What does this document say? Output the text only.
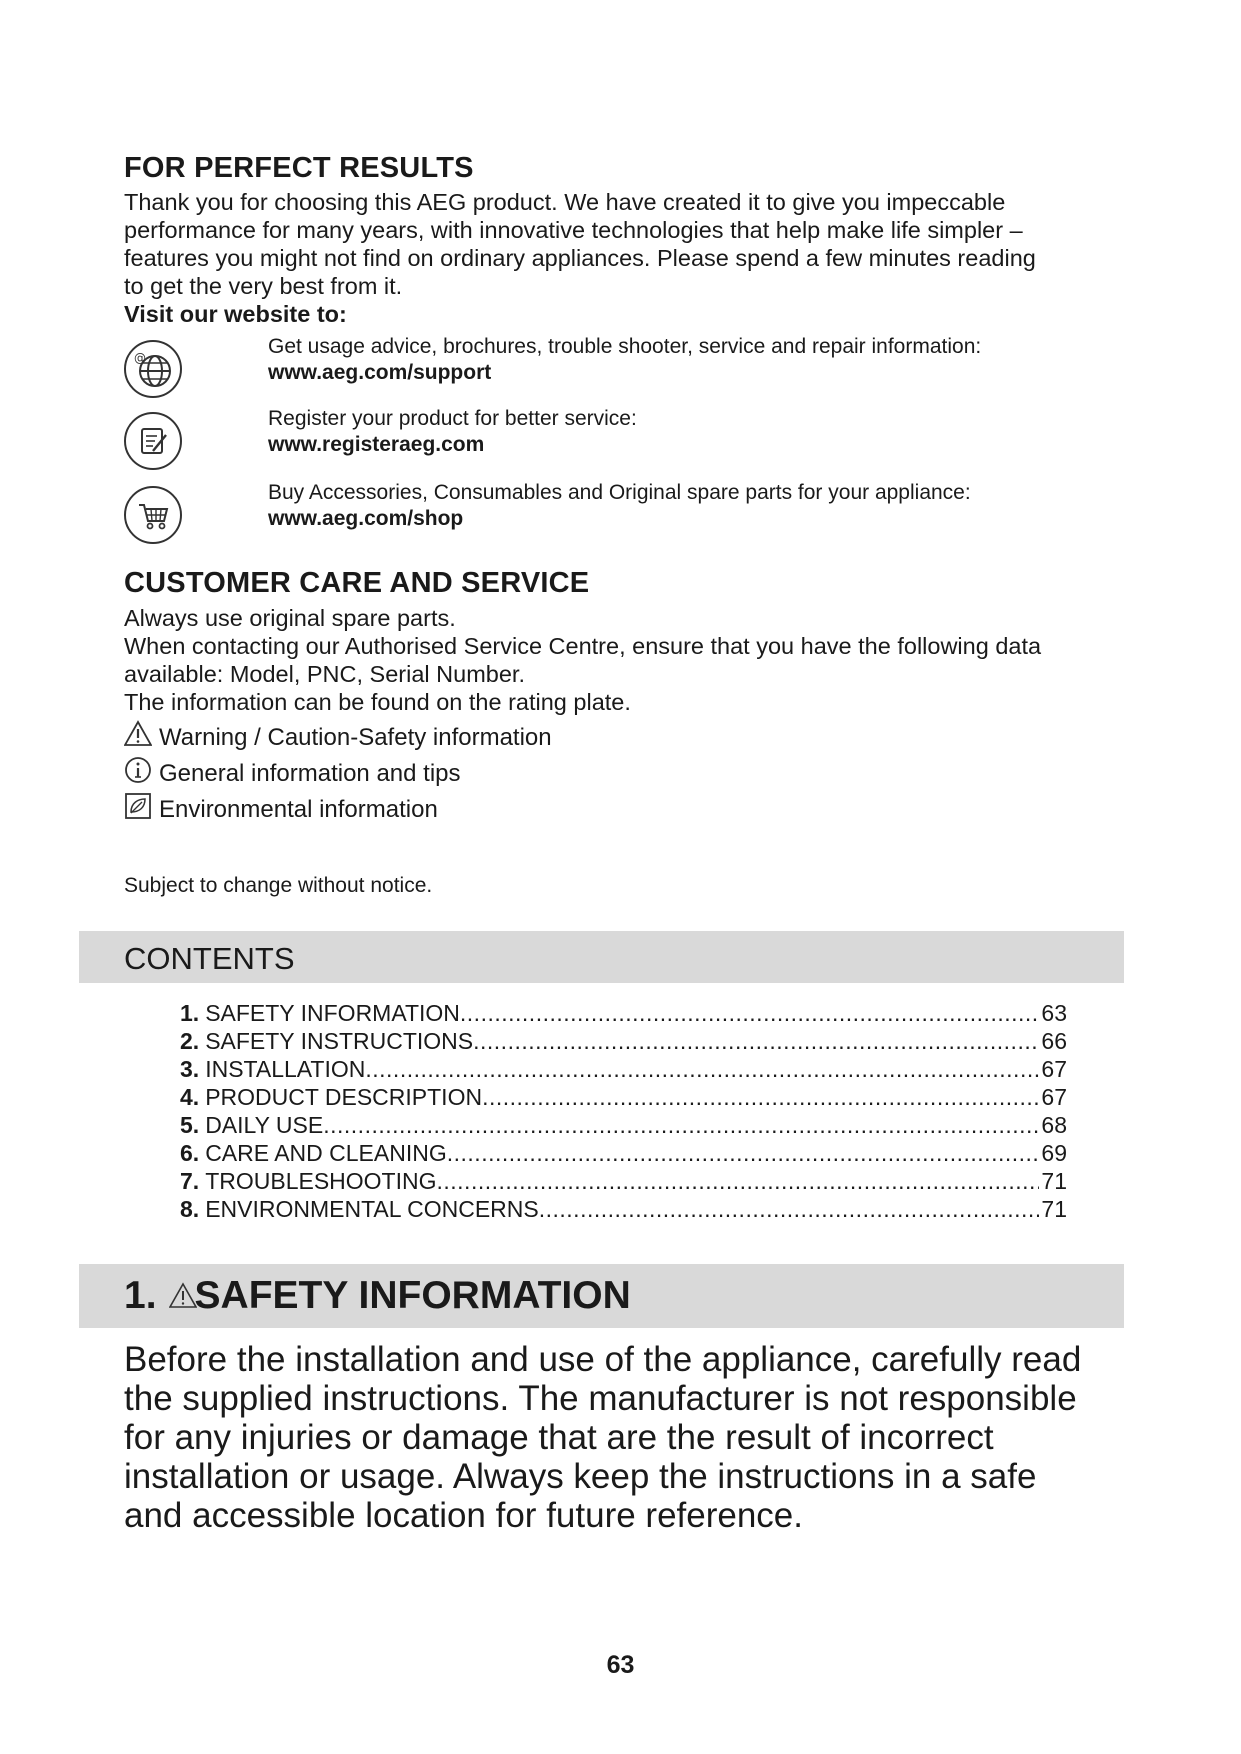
FOR PERFECT RESULTS
Thank you for choosing this AEG product. We have created it to give you impeccable
performance for many years, with innovative technologies that help make life simpler –
features you might not find on ordinary appliances. Please spend a few minutes reading
to get the very best from it.
Visit our website to:
@	Get usage advice, brochures, trouble shooter, service and repair information:
www.aeg.com/support
Register your product for better service:
www.registeraeg.com
Buy Accessories, Consumables and Original spare parts for your appliance:
www.aeg.com/shop
CUSTOMER CARE AND SERVICE
Always use original spare parts.
When contacting our Authorised Service Centre, ensure that you have the following data
available: Model, PNC, Serial Number.
The information can be found on the rating plate.
Warning / Caution-Safety information
General information and tips
Environmental information
Subject to change without notice.
CONTENTS
1. SAFETY INFORMATION .....	63
2. SAFETY INSTRUCTIONS .....	66
3. INSTALLATION .....	67
4. PRODUCT DESCRIPTION .....	67
5. DAILY USE .....	68
6. CARE AND CLEANING .....	69
7. TROUBLESHOOTING .....	71
8. ENVIRONMENTAL CONCERNS .....	71
1. SAFETY INFORMATION
Before the installation and use of the appliance, carefully read
the supplied instructions. The manufacturer is not responsible
for any injuries or damage that are the result of incorrect
installation or usage. Always keep the instructions in a safe
and accessible location for future reference.
63
